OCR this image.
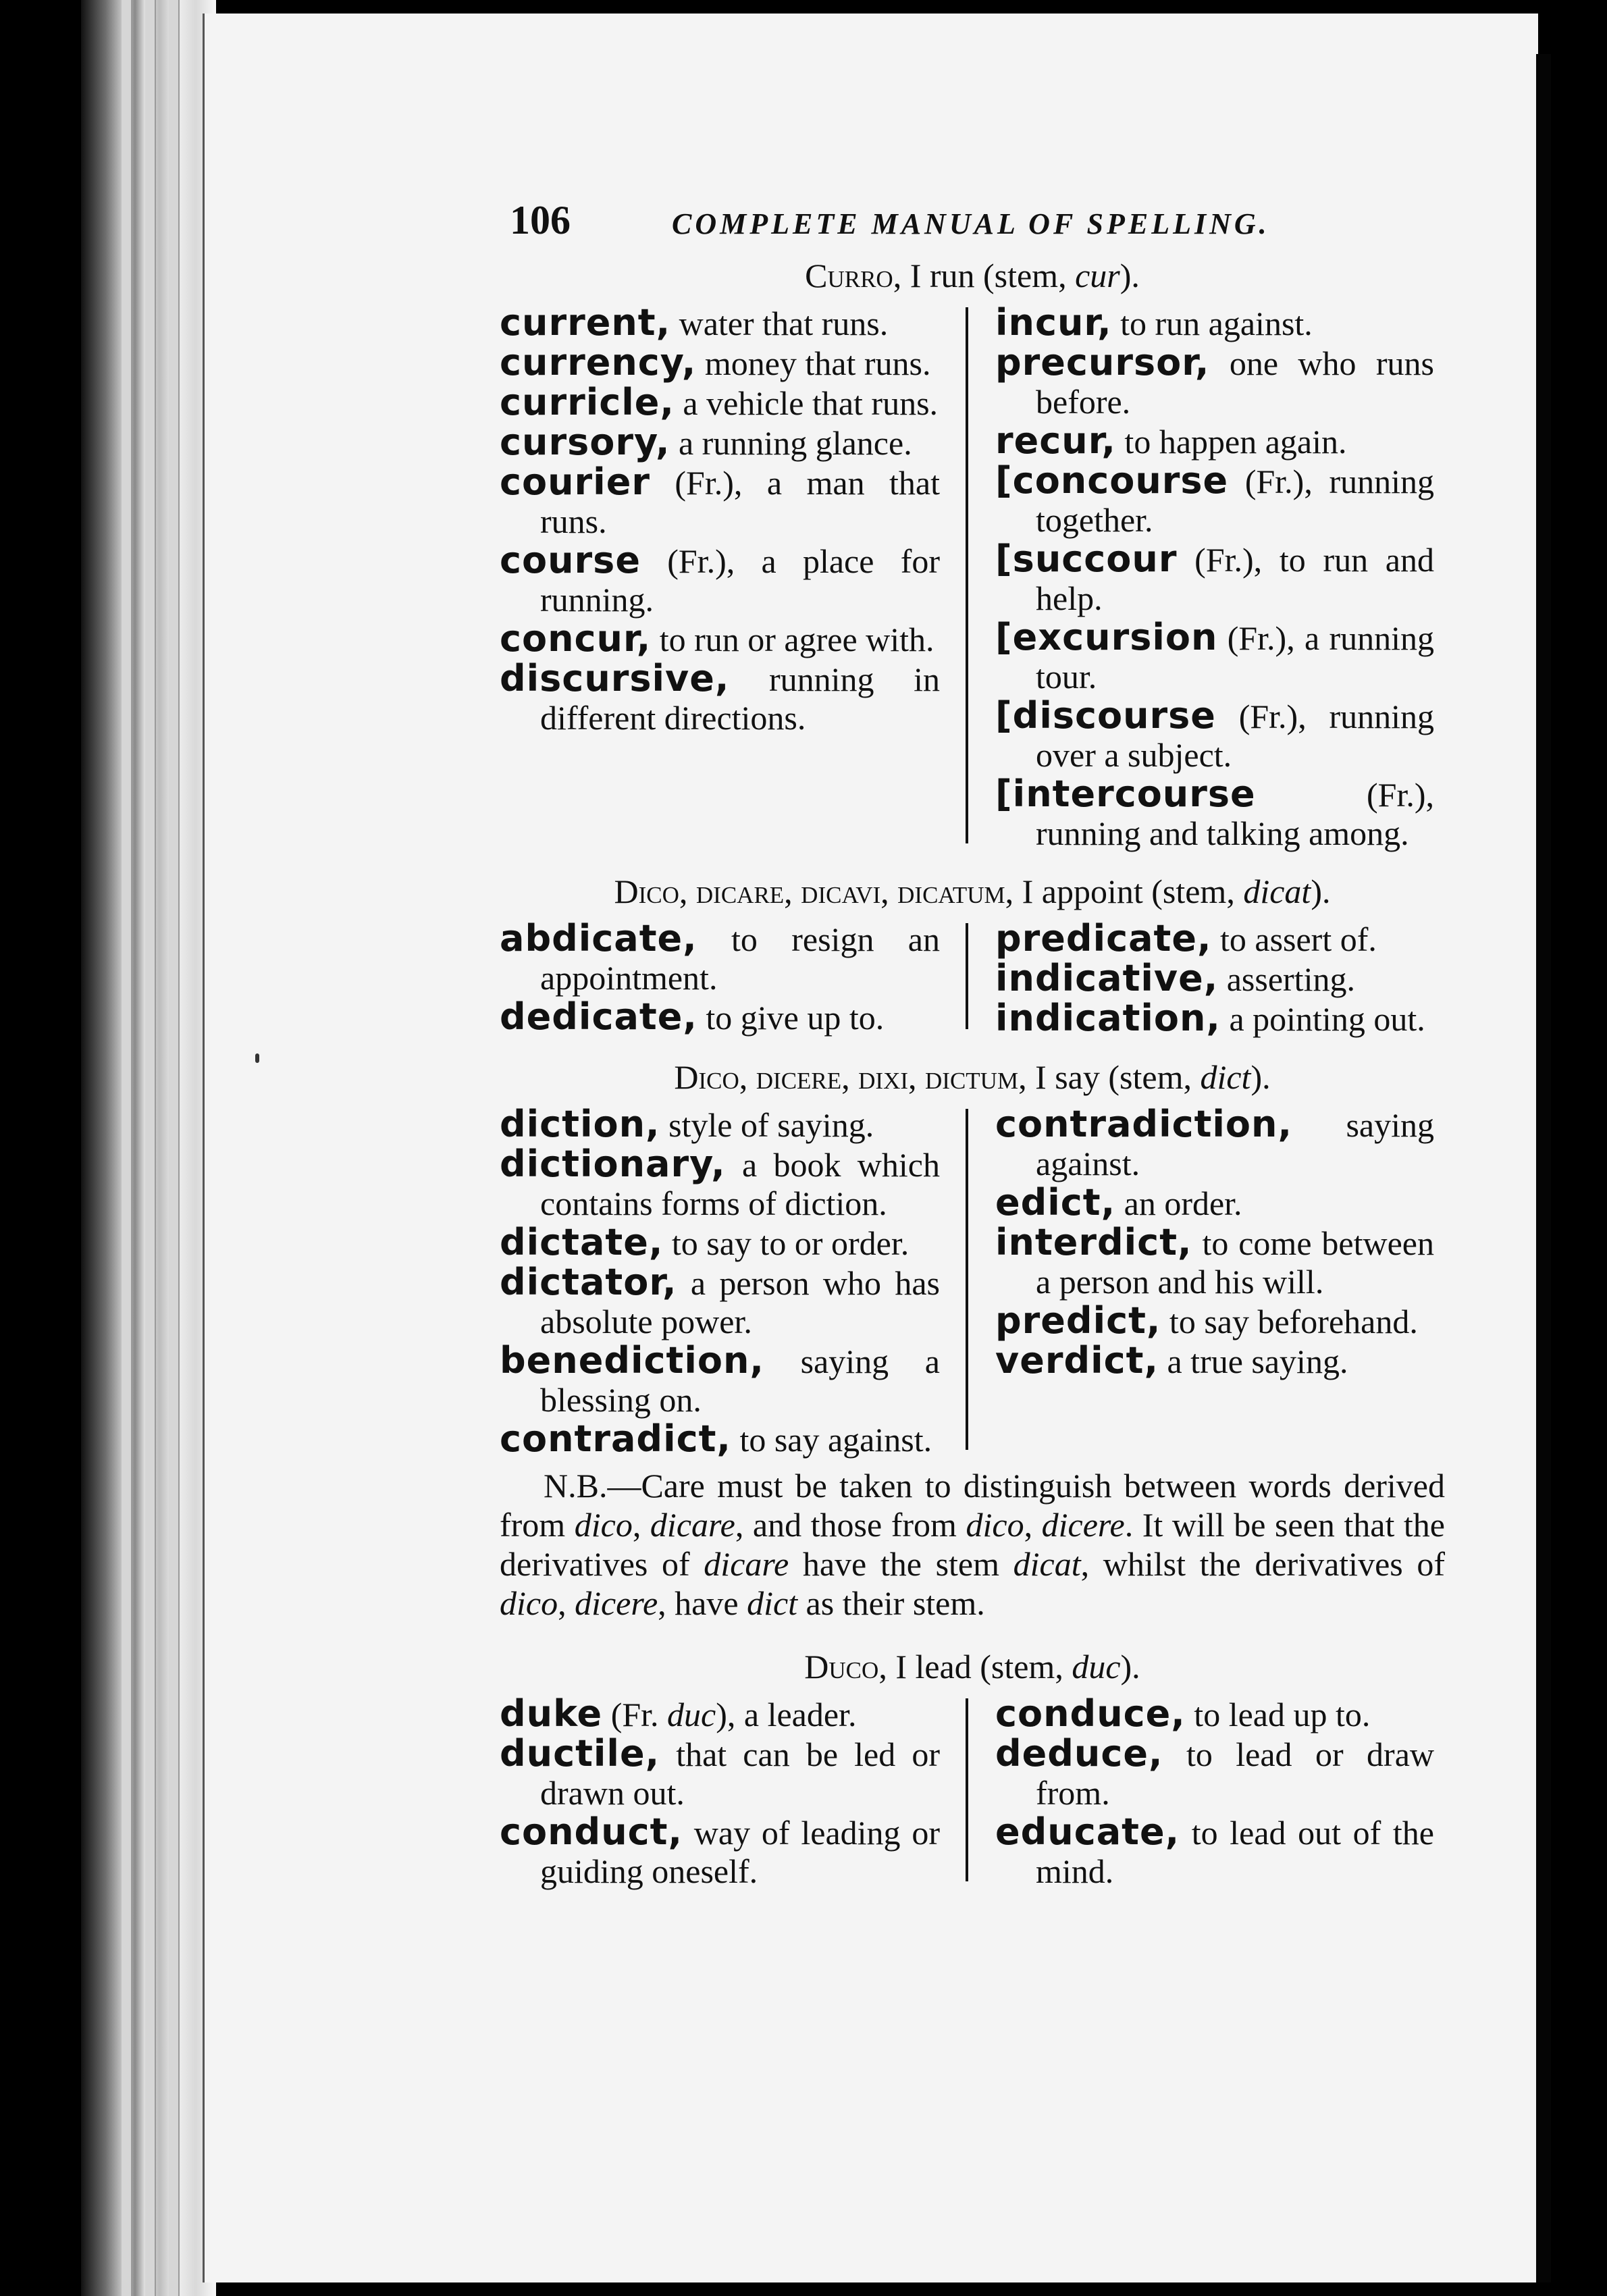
106	COMPLETE MANUAL OF SPELLING.
Curro, I run (stem, cur).

current, water that runs.

currency, money that runs.

curricle, a vehicle that runs.

cursory, a running glance.

courier (Fr.), a man that runs.

course (Fr.), a place for running.

concur, to run or agree with.

discursive, running in different directions.

incur, to run against.

precursor, one who runs before.

recur, to happen again.

[concourse (Fr.), running together.

[succour (Fr.), to run and help.

[excursion (Fr.), a running tour.

[discourse (Fr.), running over a subject.

[intercourse (Fr.), running and talking among.

Dico, dicare, dicavi, dicatum, I appoint (stem, dicat).

abdicate, to resign an appointment.

dedicate, to give up to.

predicate, to assert of.

indicative, asserting.

indication, a pointing out.

Dico, dicere, dixi, dictum, I say (stem, dict).

diction, style of saying.

dictionary, a book which contains forms of diction.

dictate, to say to or order.

dictator, a person who has absolute power.

benediction, saying a blessing on.

contradict, to say against.

contradiction, saying against.

edict, an order.

interdict, to come between a person and his will.

predict, to say beforehand.

verdict, a true saying.

N.B.—Care must be taken to distinguish between words derived from dico, dicare, and those from dico, dicere. It will be seen that the derivatives of dicare have the stem dicat, whilst the derivatives of dico, dicere, have dict as their stem.
Duco, I lead (stem, duc).

duke (Fr. duc), a leader.

ductile, that can be led or drawn out.

conduct, way of leading or guiding oneself.

conduce, to lead up to.

deduce, to lead or draw from.

educate, to lead out of the mind.
